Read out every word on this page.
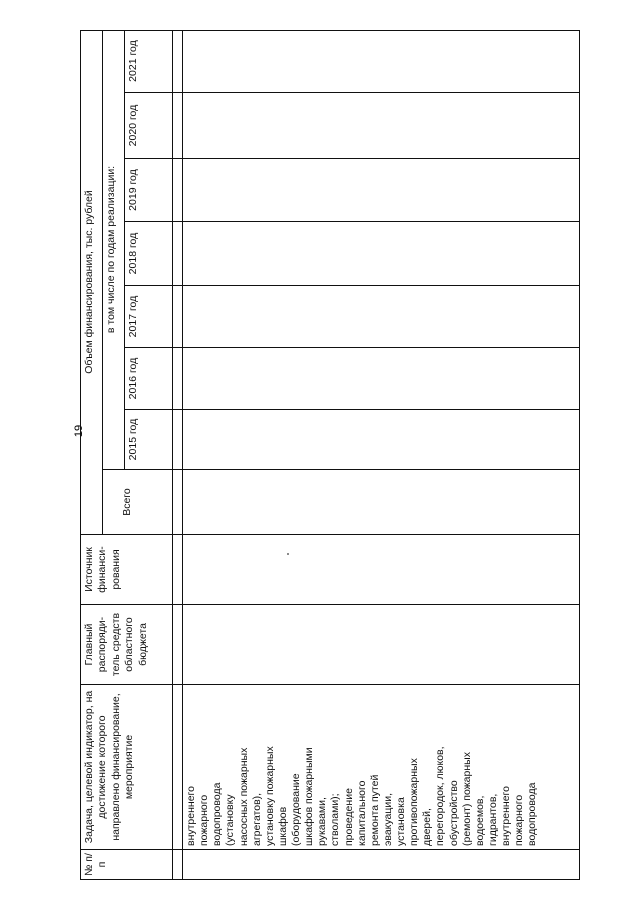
19
№ п/п
Задача, целевой индикатор, на достижение которого направлено финансирование, мероприятие
Главный распоряди-тель средств областного бюджета
Источник финанси-рования
Объем финансирования, тыс. рублей
Всего
в том числе по годам реализации:
2015 год
2016 год
2017 год
2018 год
2019 год
2020 год
2021 год
внутреннего пожарного водопровода (установку насосных пожарных агрегатов), установку пожарных шкафов (оборудование шкафов пожарными рукавами, стволами); проведение капитального ремонта путей эвакуации, установка противопожарных дверей, перегородок, люков, обустройство (ремонт) пожарных водоемов, гидрантов, внутреннего пожарного водопровода
